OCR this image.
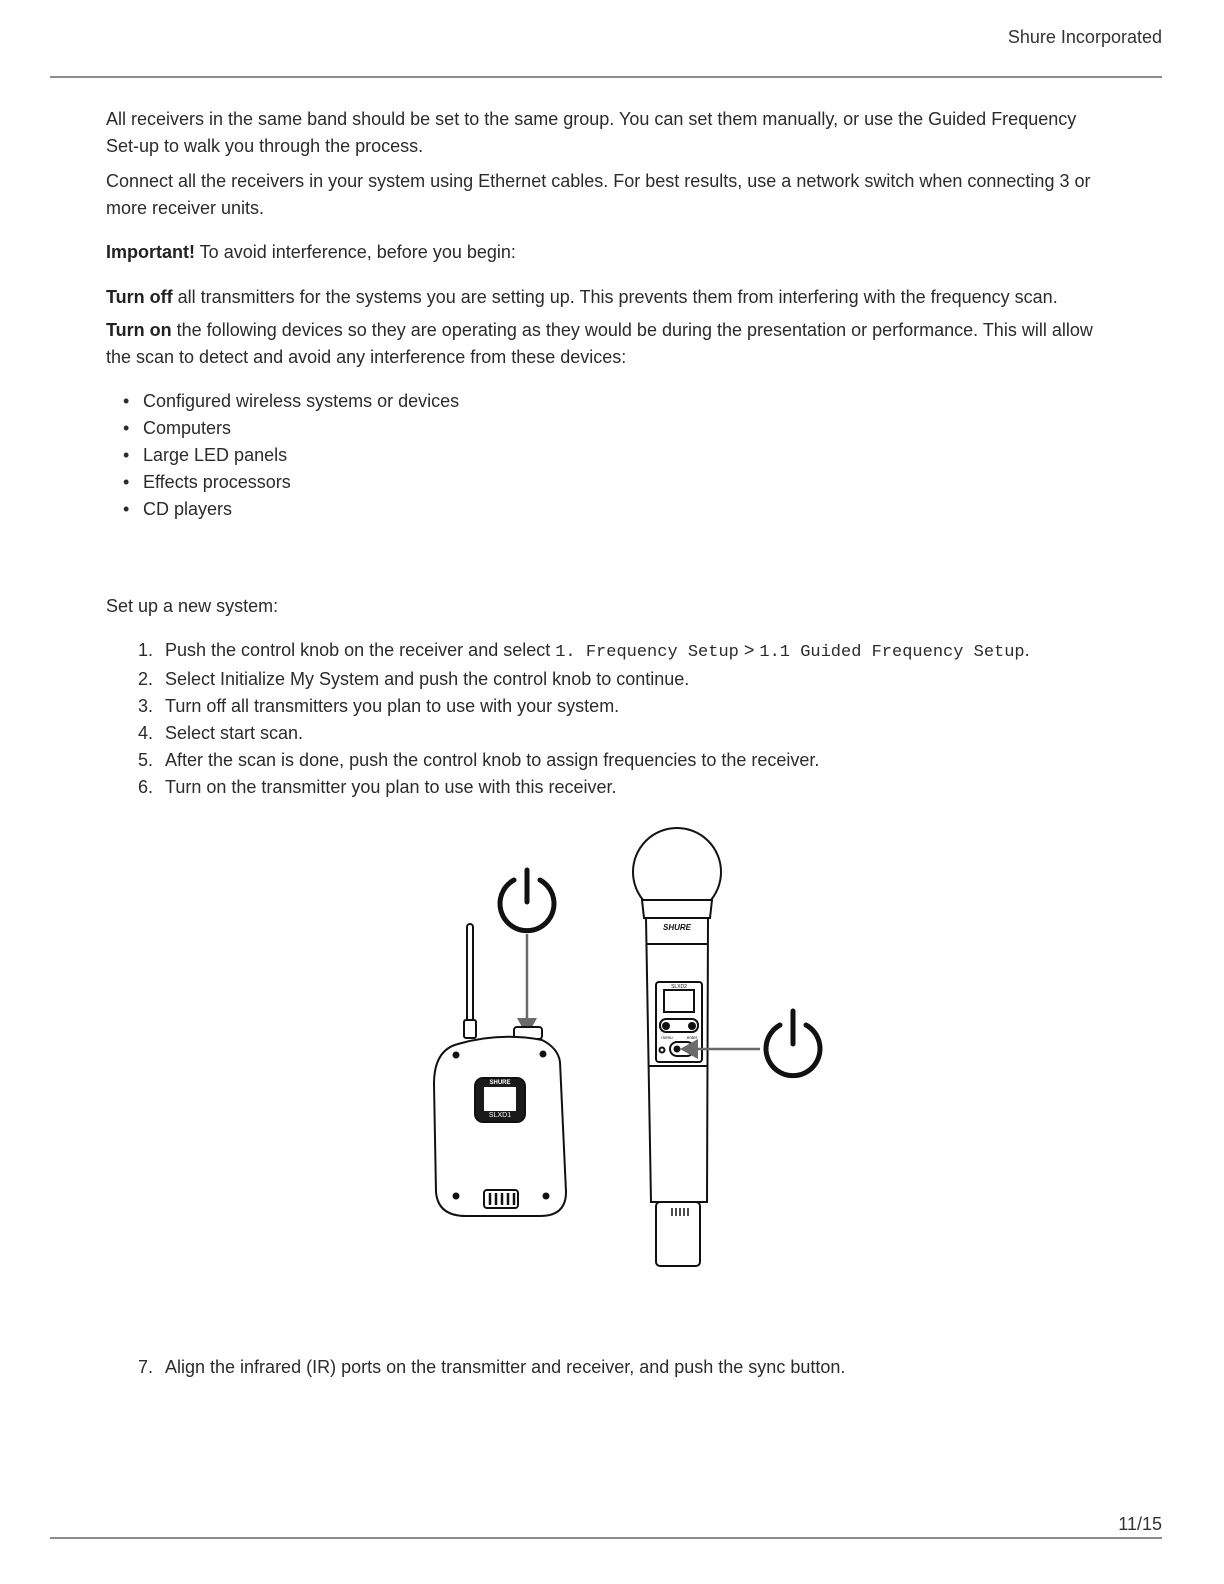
Shure Incorporated

All receivers in the same band should be set to the same group. You can set them manually, or use the Guided Frequency Set-up to walk you through the process.

Connect all the receivers in your system using Ethernet cables. For best results, use a network switch when connecting 3 or more receiver units.

Important! To avoid interference, before you begin:

Turn off all transmitters for the systems you are setting up. This prevents them from interfering with the frequency scan.

Turn on the following devices so they are operating as they would be during the presentation or performance. This will allow the scan to detect and avoid any interference from these devices:

• Configured wireless systems or devices
• Computers
• Large LED panels
• Effects processors
• CD players

Set up a new system:

1. Push the control knob on the receiver and select 1. Frequency Setup > 1.1 Guided Frequency Setup.
2. Select Initialize My System and push the control knob to continue.
3. Turn off all transmitters you plan to use with your system.
4. Select start scan.
5. After the scan is done, push the control knob to assign frequencies to the receiver.
6. Turn on the transmitter you plan to use with this receiver.
SHURE
SLXD1
SHURE
SLXD2
menu	enter
7. Align the infrared (IR) ports on the transmitter and receiver, and push the sync button.
11/15
